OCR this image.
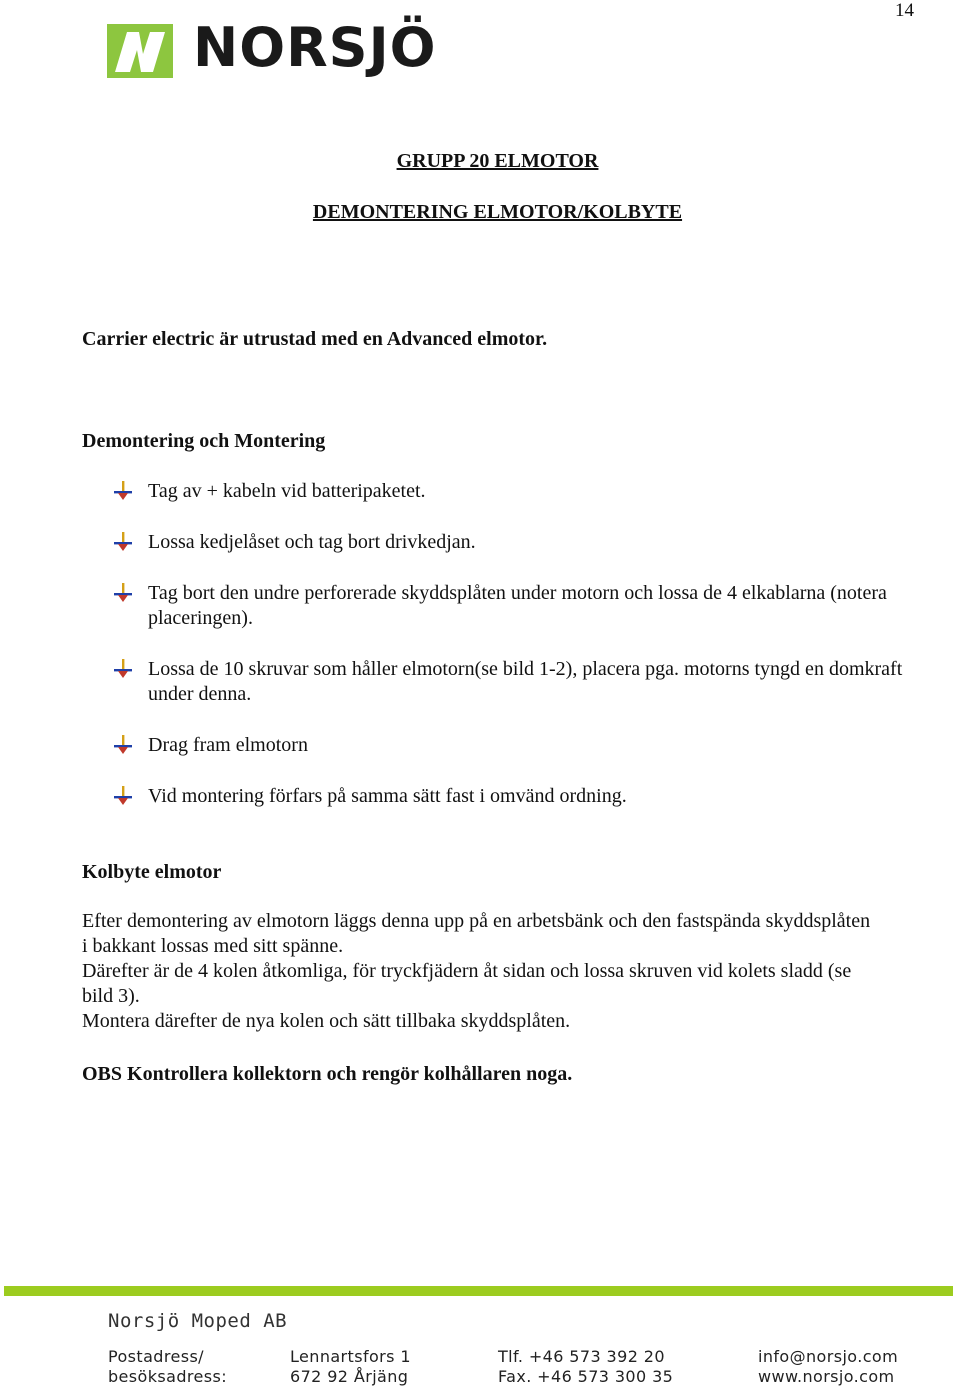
14
NORSJÖ
GRUPP 20 ELMOTOR
DEMONTERING ELMOTOR/KOLBYTE
Carrier electric är utrustad med en Advanced elmotor.
Demontering och Montering
Tag av + kabeln vid batteripaketet.
Lossa kedjelåset och tag bort drivkedjan.
Tag bort den undre perforerade skyddsplåten under motorn och lossa de 4 elkablarna (notera placeringen).
Lossa de 10 skruvar som håller elmotorn(se bild 1-2), placera pga. motorns tyngd en domkraft under denna.
Drag fram elmotorn
Vid montering förfars på samma sätt fast i omvänd ordning.
Kolbyte elmotor
Efter demontering av elmotorn läggs denna upp på en arbetsbänk och den fastspända skyddsplåten i bakkant lossas med sitt spänne.
Därefter är de 4 kolen åtkomliga, för tryckfjädern åt sidan och lossa skruven vid kolets sladd (se bild 3).
Montera därefter de nya kolen och sätt tillbaka skyddsplåten.
OBS Kontrollera kollektorn och rengör kolhållaren noga.
Norsjö Moped AB
Postadress/
besöksadress:
Lennartsfors 1
672 92 Årjäng
Tlf. +46 573 392 20
Fax. +46 573 300 35
info@norsjo.com
www.norsjo.com
